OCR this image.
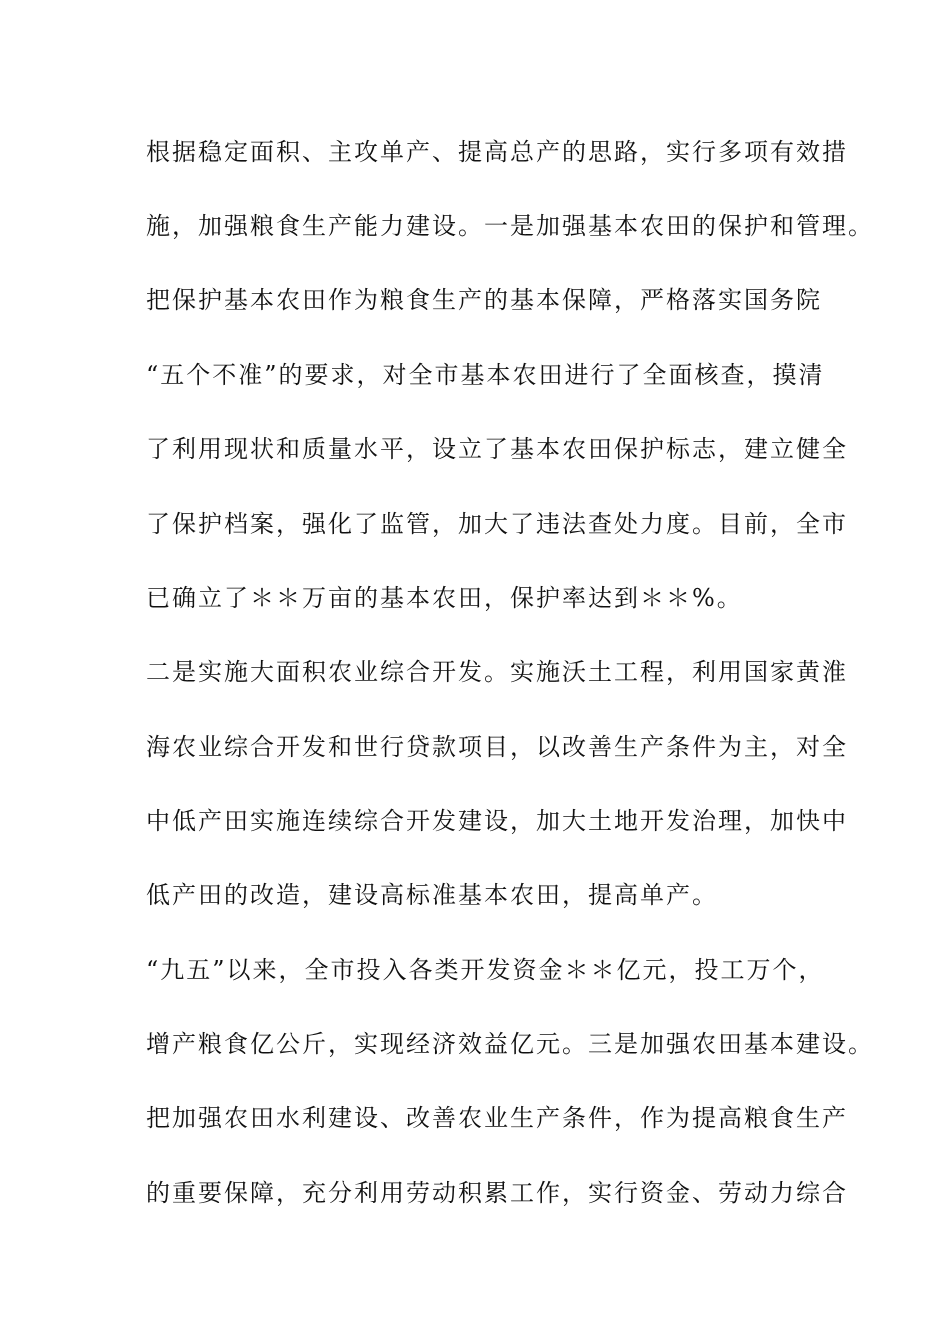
根据稳定面积、主攻单产、提高总产的思路，实行多项有效措
施，加强粮食生产能力建设。一是加强基本农田的保护和管理。
把保护基本农田作为粮食生产的基本保障，严格落实国务院
“五个不准”的要求，对全市基本农田进行了全面核查，摸清
了利用现状和质量水平，设立了基本农田保护标志，建立健全
了保护档案，强化了监管，加大了违法查处力度。目前，全市
已确立了＊＊万亩的基本农田，保护率达到＊＊%。
二是实施大面积农业综合开发。实施沃土工程，利用国家黄淮
海农业综合开发和世行贷款项目，以改善生产条件为主，对全
中低产田实施连续综合开发建设，加大土地开发治理，加快中
低产田的改造，建设高标准基本农田，提高单产。
“九五”以来，全市投入各类开发资金＊＊亿元，投工万个，
增产粮食亿公斤，实现经济效益亿元。三是加强农田基本建设。
把加强农田水利建设、改善农业生产条件，作为提高粮食生产
的重要保障，充分利用劳动积累工作，实行资金、劳动力综合
